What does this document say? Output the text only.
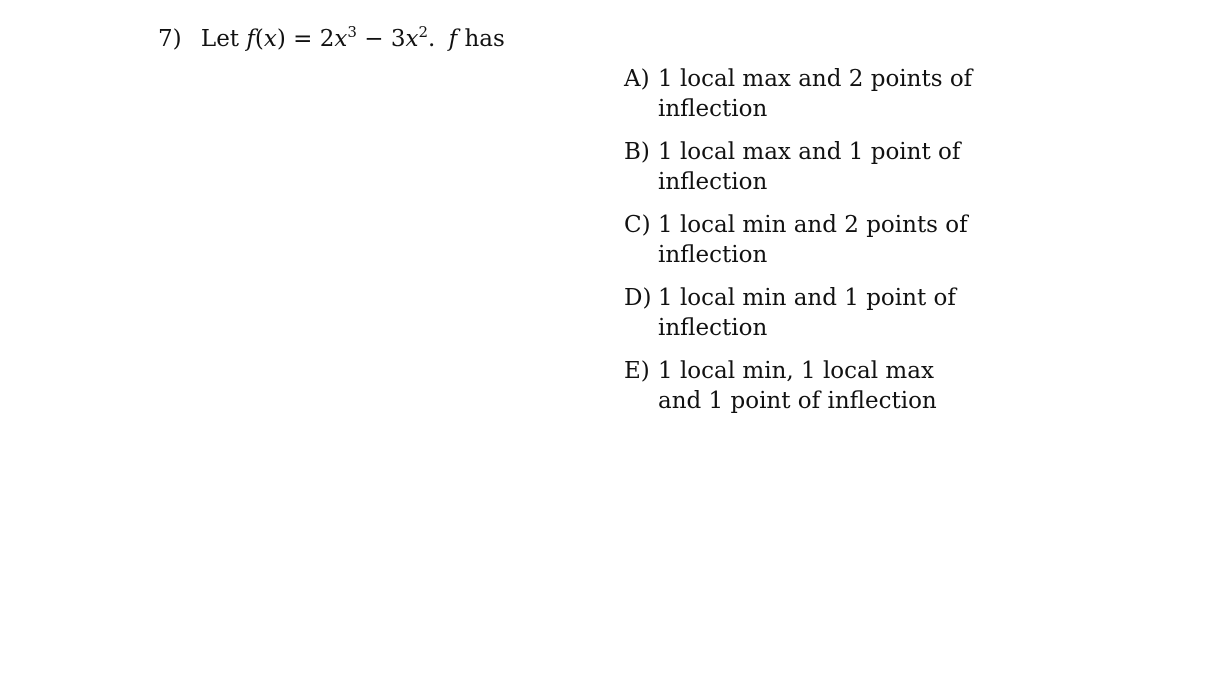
7) Let $f(x) = 2x^3 - 3x^2$. f has
A) 1 local max and 2 points of inflection
B) 1 local max and 1 point of inflection
C) 1 local min and 2 points of inflection
D) 1 local min and 1 point of inflection
E) 1 local min, 1 local max and 1 point of inflection
